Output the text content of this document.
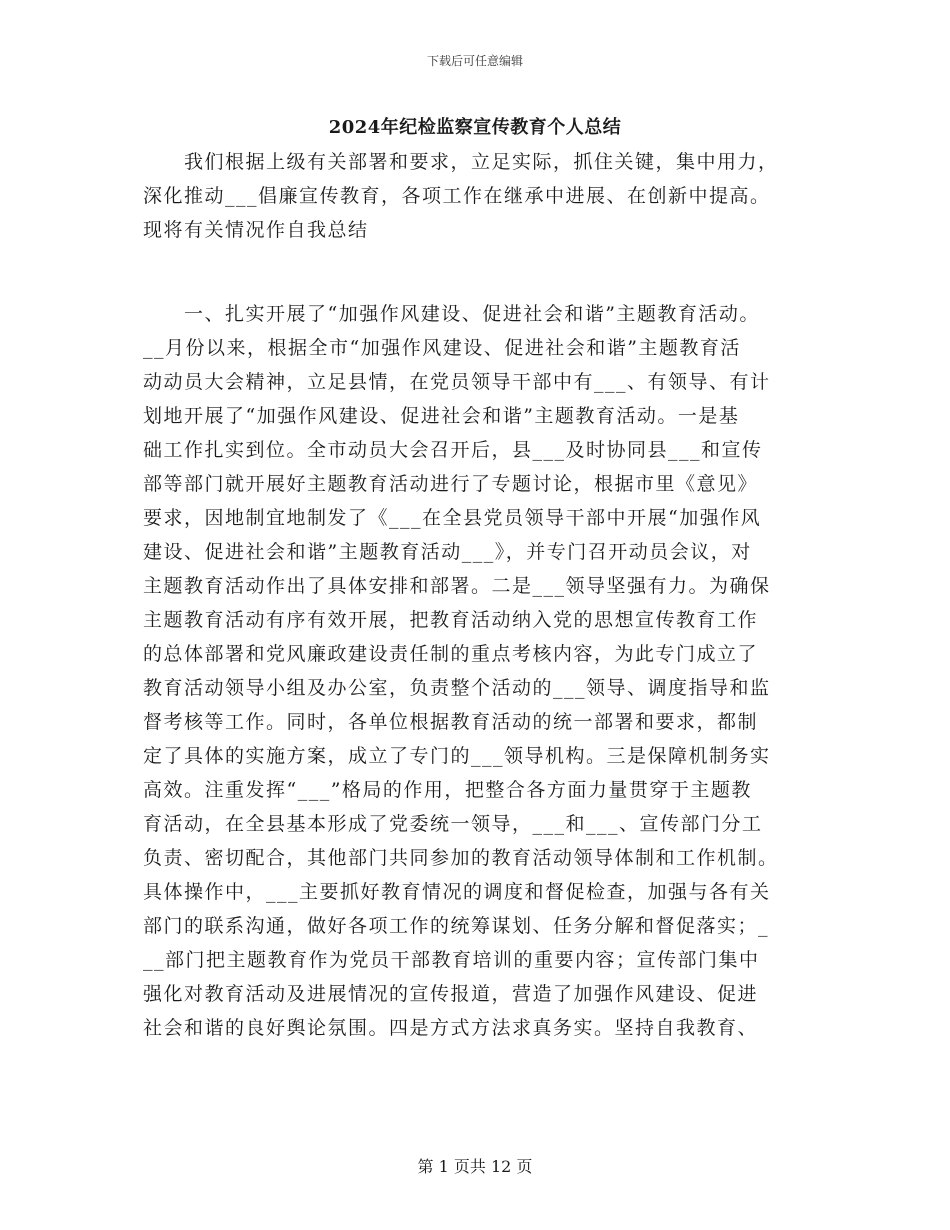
下载后可任意编辑
2024年纪检监察宣传教育个人总结
　　我们根据上级有关部署和要求，立足实际，抓住关键，集中用力，
深化推动___倡廉宣传教育，各项工作在继承中进展、在创新中提高。
现将有关情况作自我总结
　　一、扎实开展了“加强作风建设、促进社会和谐”主题教育活动。
__月份以来，根据全市“加强作风建设、促进社会和谐”主题教育活
动动员大会精神，立足县情，在党员领导干部中有___、有领导、有计
划地开展了“加强作风建设、促进社会和谐”主题教育活动。一是基
础工作扎实到位。全市动员大会召开后，县___及时协同县___和宣传
部等部门就开展好主题教育活动进行了专题讨论，根据市里《意见》
要求，因地制宜地制发了《___在全县党员领导干部中开展“加强作风
建设、促进社会和谐”主题教育活动___》，并专门召开动员会议，对
主题教育活动作出了具体安排和部署。二是___领导坚强有力。为确保
主题教育活动有序有效开展，把教育活动纳入党的思想宣传教育工作
的总体部署和党风廉政建设责任制的重点考核内容，为此专门成立了
教育活动领导小组及办公室，负责整个活动的___领导、调度指导和监
督考核等工作。同时，各单位根据教育活动的统一部署和要求，都制
定了具体的实施方案，成立了专门的___领导机构。三是保障机制务实
高效。注重发挥“___”格局的作用，把整合各方面力量贯穿于主题教
育活动，在全县基本形成了党委统一领导，___和___、宣传部门分工
负责、密切配合，其他部门共同参加的教育活动领导体制和工作机制。
具体操作中，___主要抓好教育情况的调度和督促检查，加强与各有关
部门的联系沟通，做好各项工作的统筹谋划、任务分解和督促落实；_
__部门把主题教育作为党员干部教育培训的重要内容；宣传部门集中
强化对教育活动及进展情况的宣传报道，营造了加强作风建设、促进
社会和谐的良好舆论氛围。四是方式方法求真务实。坚持自我教育、
第 1 页共 12 页
